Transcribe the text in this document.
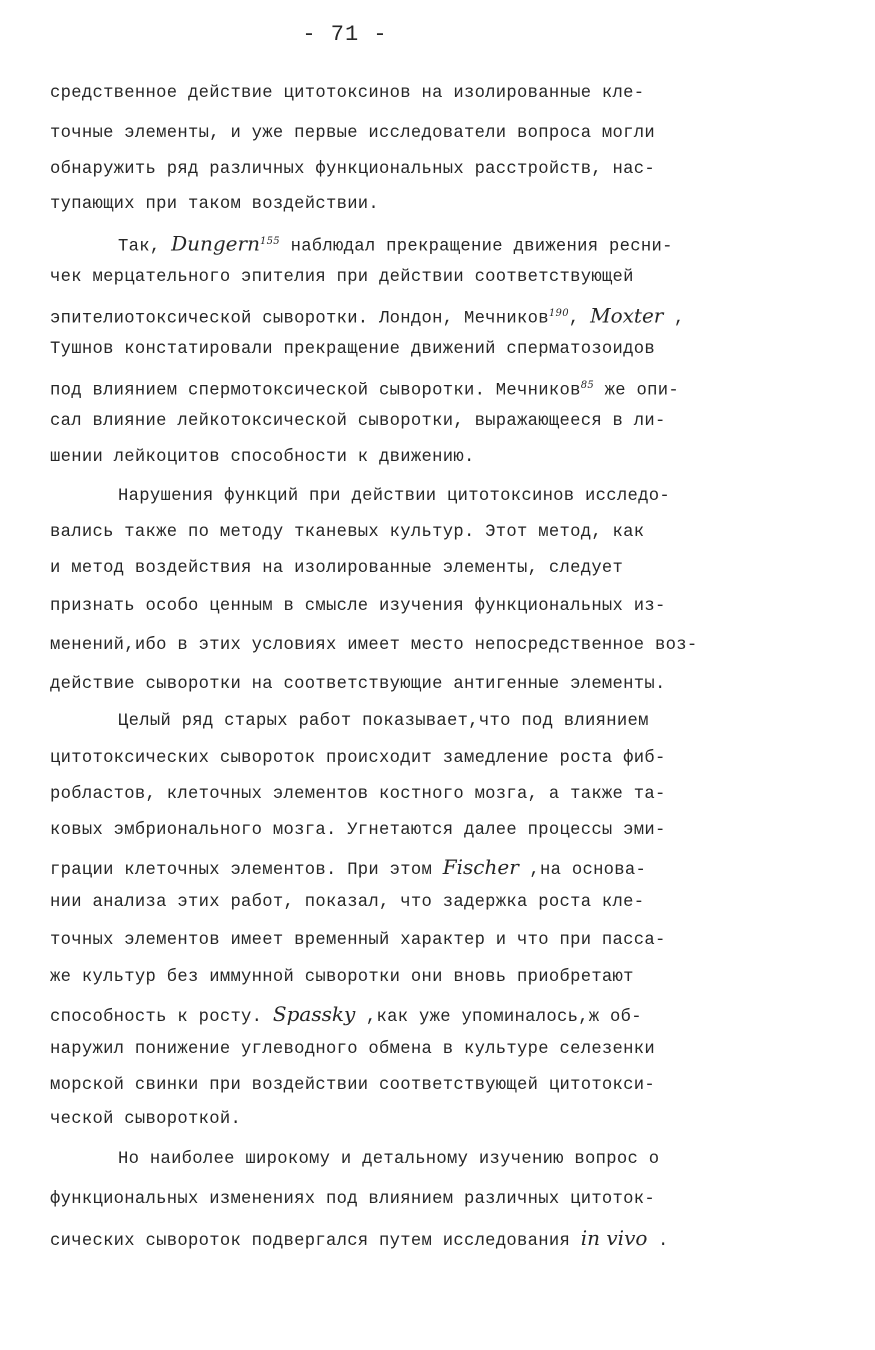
- 71 -
средственное действие цитотоксинов на изолированные кле-
точные элементы, и уже первые исследователи вопроса могли
обнаружить ряд различных функциональных расстройств, нас-
тупающих при таком воздействии.
Так, Dungern$^{155}$ наблюдал прекращение движения ресни-
чек мерцательного эпителия при действии соответствующей
эпителиотоксической сыворотки. Лондон, Мечников$^{190}$, Moxter ,
Тушнов констатировали прекращение движений сперматозоидов
под влиянием спермотоксической сыворотки. Мечников$^{85}$ же опи-
сал влияние лейкотоксической сыворотки, выражающееся в ли-
шении лейкоцитов способности к движению.
Нарушения функций при действии цитотоксинов исследо-
вались также по методу тканевых культур. Этот метод, как
и метод воздействия на изолированные элементы, следует
признать особо ценным в смысле изучения функциональных из-
менений,ибо в этих условиях имеет место непосредственное воз-
действие сыворотки на соответствующие антигенные элементы.
Целый ряд старых работ показывает,что под влиянием
цитотоксических сывороток происходит замедление роста фиб-
робластов, клеточных элементов костного мозга, а также та-
ковых эмбрионального мозга. Угнетаются далее процессы эми-
грации клеточных элементов. При этом Fischer ,на основа-
нии анализа этих работ, показал, что задержка роста кле-
точных элементов имеет временный характер и что при пасса-
же культур без иммунной сыворотки они вновь приобретают
способность к росту. Spassky ,как уже упоминалось,ж об-
наружил понижение углеводного обмена в культуре селезенки
морской свинки при воздействии соответствующей цитотокси-
ческой сывороткой.
Но наиболее широкому и детальному изучению вопрос о
функциональных изменениях под влиянием различных цитоток-
сических сывороток подвергался путем исследования in vivo .
